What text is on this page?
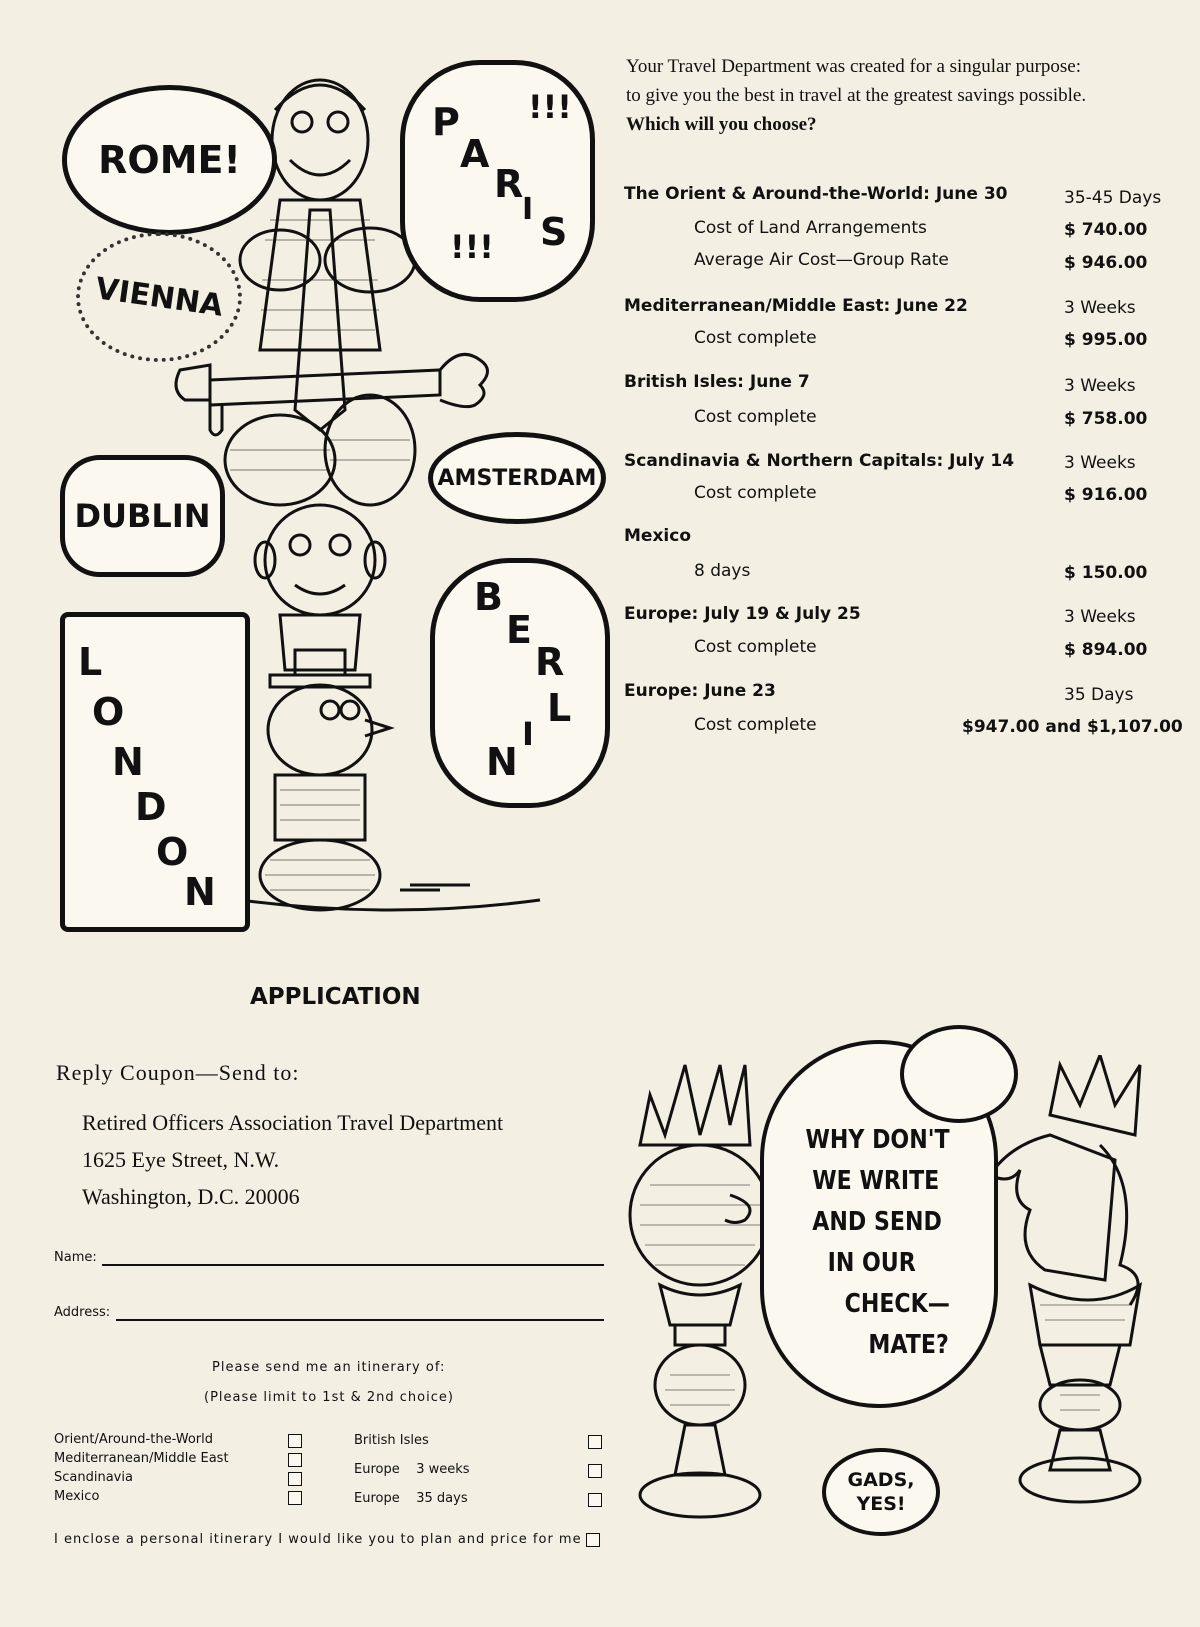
ROME!
VIENNA
DUBLIN
AMSTERDAM
P
A
R
I
S
!!!
!!!
L
O
N
D
O
N
B
E
R
L
I
N
Your Travel Department was created for a singular purpose:
to give you the best in travel at the greatest savings possible.
Which will you choose?
The Orient & Around-the-World: June 30	35-45 Days
Cost of Land Arrangements	$ 740.00
Average Air Cost—Group Rate	$ 946.00
Mediterranean/Middle East: June 22	3 Weeks
Cost complete	$ 995.00
British Isles: June 7	3 Weeks
Cost complete	$ 758.00
Scandinavia & Northern Capitals: July 14	3 Weeks
Cost complete	$ 916.00
Mexico
8 days	$ 150.00
Europe: July 19 & July 25	3 Weeks
Cost complete	$ 894.00
Europe: June 23	35 Days
Cost complete	$947.00 and $1,107.00
APPLICATION
Reply Coupon—Send to:
Retired Officers Association Travel Department
1625 Eye Street, N.W.
Washington, D.C. 20006
Name:
Address:
Please send me an itinerary of:
(Please limit to 1st & 2nd choice)
Orient/Around-the-World
Mediterranean/Middle East
Scandinavia
Mexico
British Isles
Europe    3 weeks
Europe    35 days
I enclose a personal itinerary I would like you to plan and price for me
WHY DON'T
WE WRITE
AND SEND
IN OUR
CHECK—
MATE?
GADS,
YES!
